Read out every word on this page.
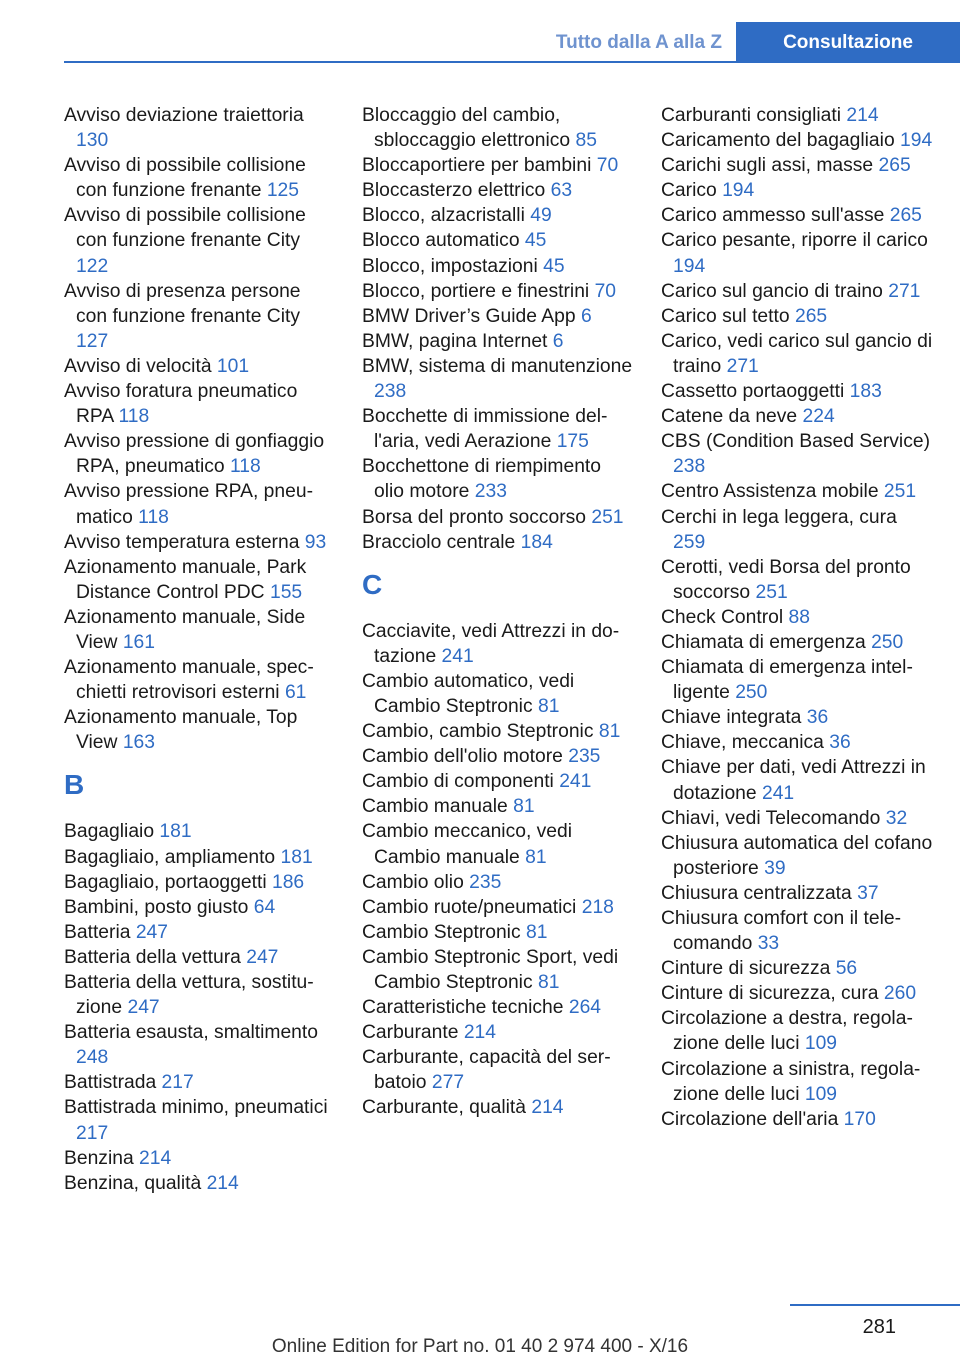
Tutto dalla A alla Z	Consultazione
Avviso deviazione traiettoria 130
Avviso di possibile collisione con funzione frenante 125
Avviso di possibile collisione con funzione frenante City 122
Avviso di presenza persone con funzione frenante City 127
Avviso di velocità 101
Avviso foratura pneumatico RPA 118
Avviso pressione di gonfiaggio RPA, pneumatico 118
Avviso pressione RPA, pneumatico 118
Avviso temperatura esterna 93
Azionamento manuale, Park Distance Control PDC 155
Azionamento manuale, Side View 161
Azionamento manuale, specchietti retrovisori esterni 61
Azionamento manuale, Top View 163
B
Bagagliaio 181
Bagagliaio, ampliamento 181
Bagagliaio, portaoggetti 186
Bambini, posto giusto 64
Batteria 247
Batteria della vettura 247
Batteria della vettura, sostituzione 247
Batteria esausta, smaltimento 248
Battistrada 217
Battistrada minimo, pneumatici 217
Benzina 214
Benzina, qualità 214
Bloccaggio del cambio, sbloccaggio elettronico 85
Bloccaportiere per bambini 70
Bloccasterzo elettrico 63
Blocco, alzacristalli 49
Blocco automatico 45
Blocco, impostazioni 45
Blocco, portiere e finestrini 70
BMW Driver’s Guide App 6
BMW, pagina Internet 6
BMW, sistema di manutenzione 238
Bocchette di immissione dell'aria, vedi Aerazione 175
Bocchettone di riempimento olio motore 233
Borsa del pronto soccorso 251
Bracciolo centrale 184
C
Cacciavite, vedi Attrezzi in dotazione 241
Cambio automatico, vedi Cambio Steptronic 81
Cambio, cambio Steptronic 81
Cambio dell'olio motore 235
Cambio di componenti 241
Cambio manuale 81
Cambio meccanico, vedi Cambio manuale 81
Cambio olio 235
Cambio ruote/pneumatici 218
Cambio Steptronic 81
Cambio Steptronic Sport, vedi Cambio Steptronic 81
Caratteristiche tecniche 264
Carburante 214
Carburante, capacità del serbatoio 277
Carburante, qualità 214
Carburanti consigliati 214
Caricamento del bagagliaio 194
Carichi sugli assi, masse 265
Carico 194
Carico ammesso sull'asse 265
Carico pesante, riporre il carico 194
Carico sul gancio di traino 271
Carico sul tetto 265
Carico, vedi carico sul gancio di traino 271
Cassetto portaoggetti 183
Catene da neve 224
CBS (Condition Based Service) 238
Centro Assistenza mobile 251
Cerchi in lega leggera, cura 259
Cerotti, vedi Borsa del pronto soccorso 251
Check Control 88
Chiamata di emergenza 250
Chiamata di emergenza intelligente 250
Chiave integrata 36
Chiave, meccanica 36
Chiave per dati, vedi Attrezzi in dotazione 241
Chiavi, vedi Telecomando 32
Chiusura automatica del cofano posteriore 39
Chiusura centralizzata 37
Chiusura comfort con il telecomando 33
Cinture di sicurezza 56
Cinture di sicurezza, cura 260
Circolazione a destra, regolazione delle luci 109
Circolazione a sinistra, regolazione delle luci 109
Circolazione dell'aria 170
281
Online Edition for Part no. 01 40 2 974 400 - X/16
